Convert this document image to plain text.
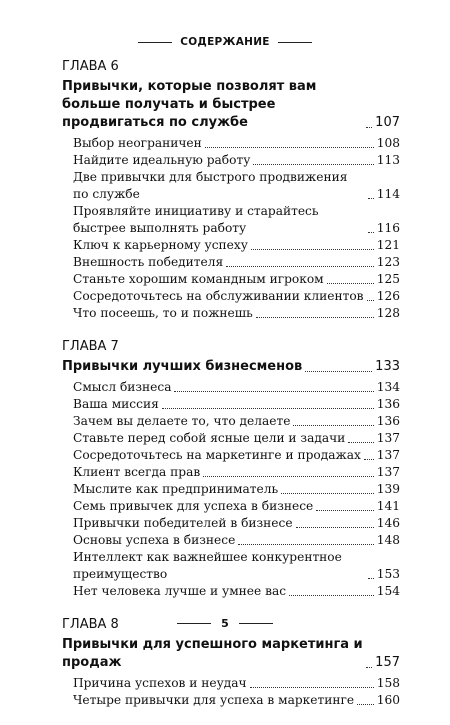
СОДЕРЖАНИЕ
ГЛАВА 6
Привычки, которые позволят вам больше получать и быстрее продвигаться по службе	107
Выбор неограничен	108
Найдите идеальную работу	113
Две привычки для быстрого продвижения по службе	114
Проявляйте инициативу и старайтесь быстрее выполнять работу	116
Ключ к карьерному успеху	121
Внешность победителя	123
Станьте хорошим командным игроком	125
Сосредоточьтесь на обслуживании клиентов 126
Что посеешь, то и пожнешь	128
ГЛАВА 7
Привычки лучших бизнесменов	133
Смысл бизнеса	134
Ваша миссия	136
Зачем вы делаете то, что делаете	136
Ставьте перед собой ясные цели и задачи	137
Сосредоточьтесь на маркетинге и продажах 137
Клиент всегда прав	137
Мыслите как предприниматель	139
Семь привычек для успеха в бизнесе	141
Привычки победителей в бизнесе	146
Основы успеха в бизнесе	148
Интеллект как важнейшее конкурентное преимущество	153
Нет человека лучше и умнее вас	154
ГЛАВА 8
Привычки для успешного маркетинга и продаж	157
Причина успехов и неудач	158
Четыре привычки для успеха в маркетинге 160
5
